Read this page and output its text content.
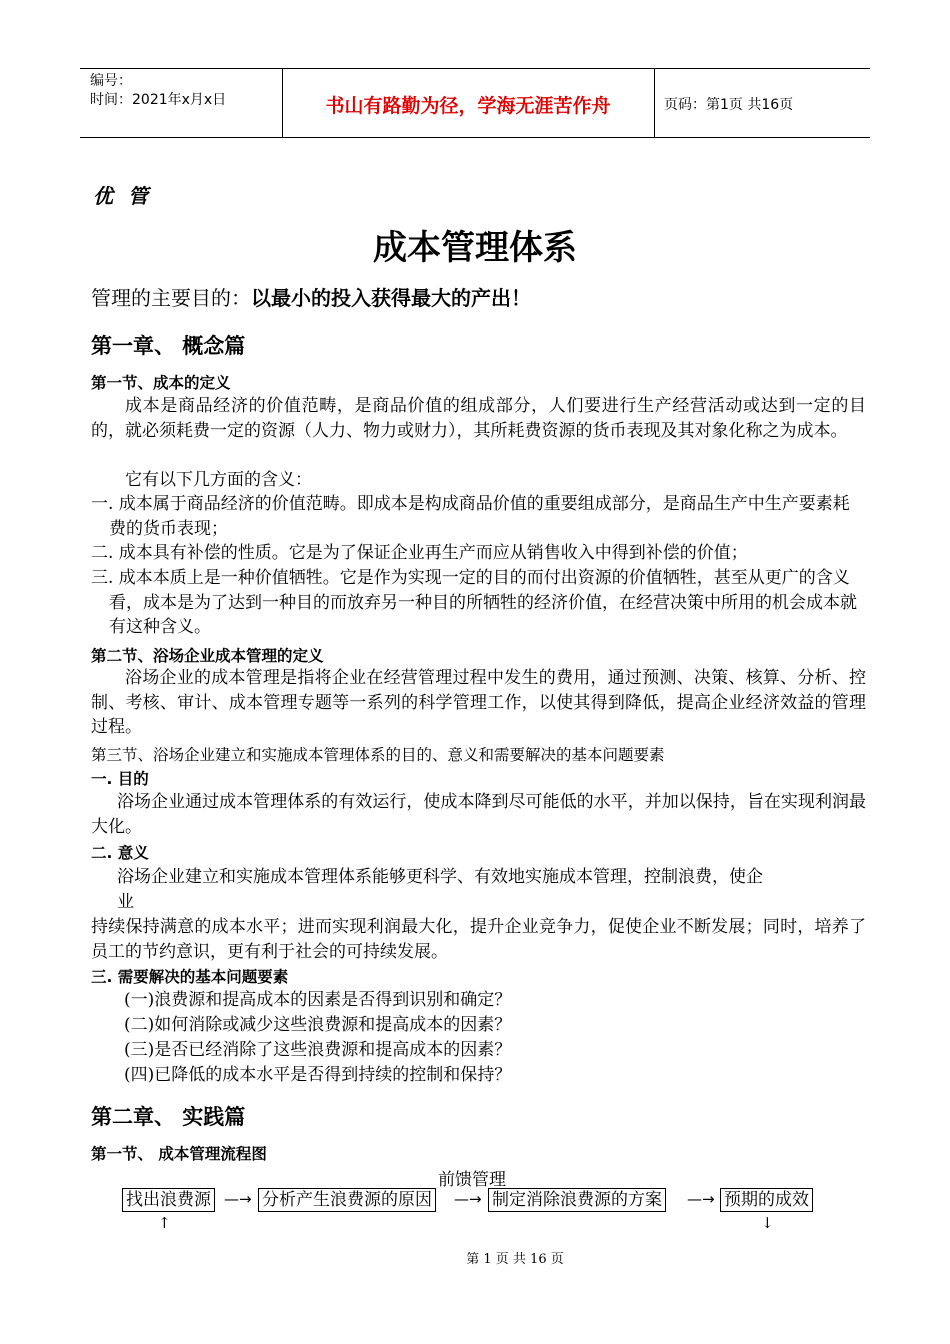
编号：
时间：2021年x月x日	书山有路勤为径，学海无涯苦作舟	页码：第1页 共16页
优 管
成本管理体系
管理的主要目的：以最小的投入获得最大的产出！
第一章、 概念篇
第一节、成本的定义
成本是商品经济的价值范畴，是商品价值的组成部分，人们要进行生产经营活动或达到一定的目的，就必须耗费一定的资源（人力、物力或财力），其所耗费资源的货币表现及其对象化称之为成本。
它有以下几方面的含义：
一. 成本属于商品经济的价值范畴。即成本是构成商品价值的重要组成部分，是商品生产中生产要素耗费的货币表现；
二. 成本具有补偿的性质。它是为了保证企业再生产而应从销售收入中得到补偿的价值；
三. 成本本质上是一种价值牺牲。它是作为实现一定的目的而付出资源的价值牺牲，甚至从更广的含义看，成本是为了达到一种目的而放弃另一种目的所牺牲的经济价值，在经营决策中所用的机会成本就有这种含义。
第二节、浴场企业成本管理的定义
浴场企业的成本管理是指将企业在经营管理过程中发生的费用，通过预测、决策、核算、分析、控制、考核、审计、成本管理专题等一系列的科学管理工作，以使其得到降低，提高企业经济效益的管理过程。
第三节、浴场企业建立和实施成本管理体系的目的、意义和需要解决的基本问题要素
一. 目的
浴场企业通过成本管理体系的有效运行，使成本降到尽可能低的水平，并加以保持，旨在实现利润最大化。
二. 意义
浴场企业建立和实施成本管理体系能够更科学、有效地实施成本管理，控制浪费，使企
业
持续保持满意的成本水平；进而实现利润最大化，提升企业竞争力，促使企业不断发展；同时，培养了员工的节约意识，更有利于社会的可持续发展。
三. 需要解决的基本问题要素
(一)浪费源和提高成本的因素是否得到识别和确定？
(二)如何消除或减少这些浪费源和提高成本的因素？
(三)是否已经消除了这些浪费源和提高成本的因素？
(四)已降低的成本水平是否得到持续的控制和保持？
第二章、 实践篇
第一节、 成本管理流程图
前馈管理
找出浪费源 —→ 分析产生浪费源的原因 —→ 制定消除浪费源的方案 —→ 预期的成效
↑	↓
第 1 页 共 16 页
